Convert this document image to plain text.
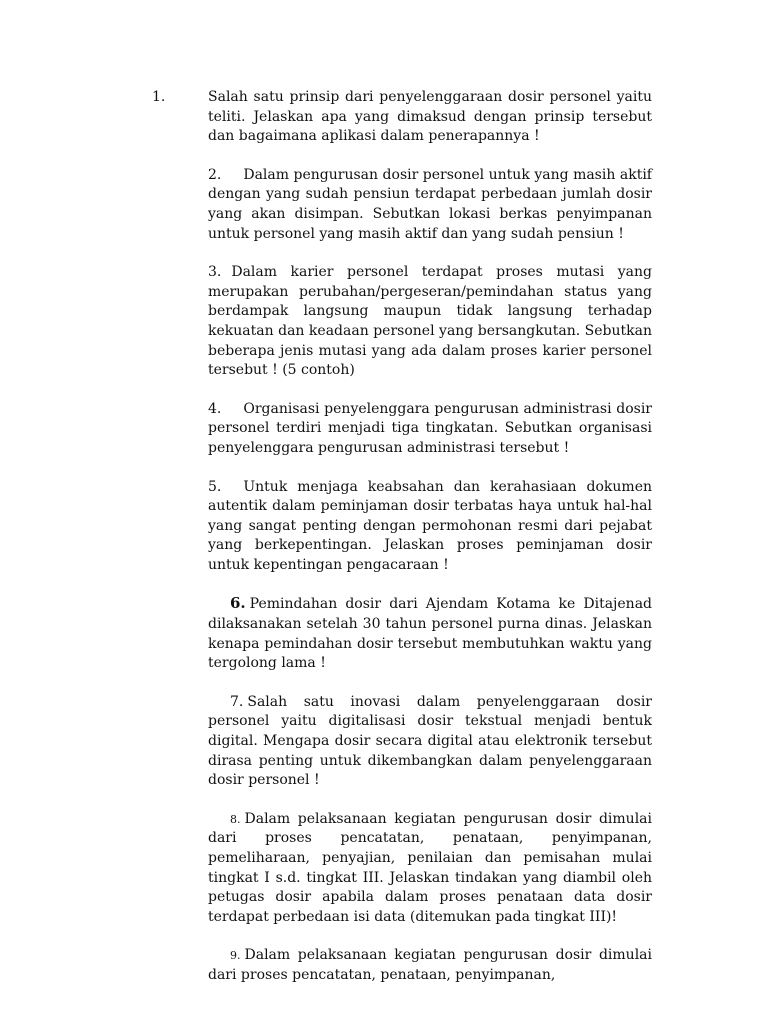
1.	Salah satu prinsip dari penyelenggaraan dosir personel yaitu teliti. Jelaskan apa yang dimaksud dengan prinsip tersebut dan bagaimana aplikasi dalam penerapannya !

2. Dalam pengurusan dosir personel untuk yang masih aktif dengan yang sudah pensiun terdapat perbedaan jumlah dosir yang akan disimpan. Sebutkan lokasi berkas penyimpanan untuk personel yang masih aktif dan yang sudah pensiun !

3. Dalam karier personel terdapat proses mutasi yang merupakan perubahan/pergeseran/pemindahan status yang berdampak langsung maupun tidak langsung terhadap kekuatan dan keadaan personel yang bersangkutan. Sebutkan beberapa jenis mutasi yang ada dalam proses karier personel tersebut ! (5 contoh)

4. Organisasi penyelenggara pengurusan administrasi dosir personel terdiri menjadi tiga tingkatan. Sebutkan organisasi penyelenggara pengurusan administrasi tersebut !

5. Untuk menjaga keabsahan dan kerahasiaan dokumen autentik dalam peminjaman dosir terbatas haya untuk hal-hal yang sangat penting dengan permohonan resmi dari pejabat yang berkepentingan. Jelaskan proses peminjaman dosir untuk kepentingan pengacaraan !

6. Pemindahan dosir dari Ajendam Kotama ke Ditajenad dilaksanakan setelah 30 tahun personel purna dinas. Jelaskan kenapa pemindahan dosir tersebut membutuhkan waktu yang tergolong lama !

7. Salah satu inovasi dalam penyelenggaraan dosir personel yaitu digitalisasi dosir tekstual menjadi bentuk digital. Mengapa dosir secara digital atau elektronik tersebut dirasa penting untuk dikembangkan dalam penyelenggaraan dosir personel !

8. Dalam pelaksanaan kegiatan pengurusan dosir dimulai dari proses pencatatan, penataan, penyimpanan, pemeliharaan, penyajian, penilaian dan pemisahan mulai tingkat I s.d. tingkat III. Jelaskan tindakan yang diambil oleh petugas dosir apabila dalam proses penataan data dosir terdapat perbedaan isi data (ditemukan pada tingkat III)!

9. Dalam pelaksanaan kegiatan pengurusan dosir dimulai dari proses pencatatan, penataan, penyimpanan,
